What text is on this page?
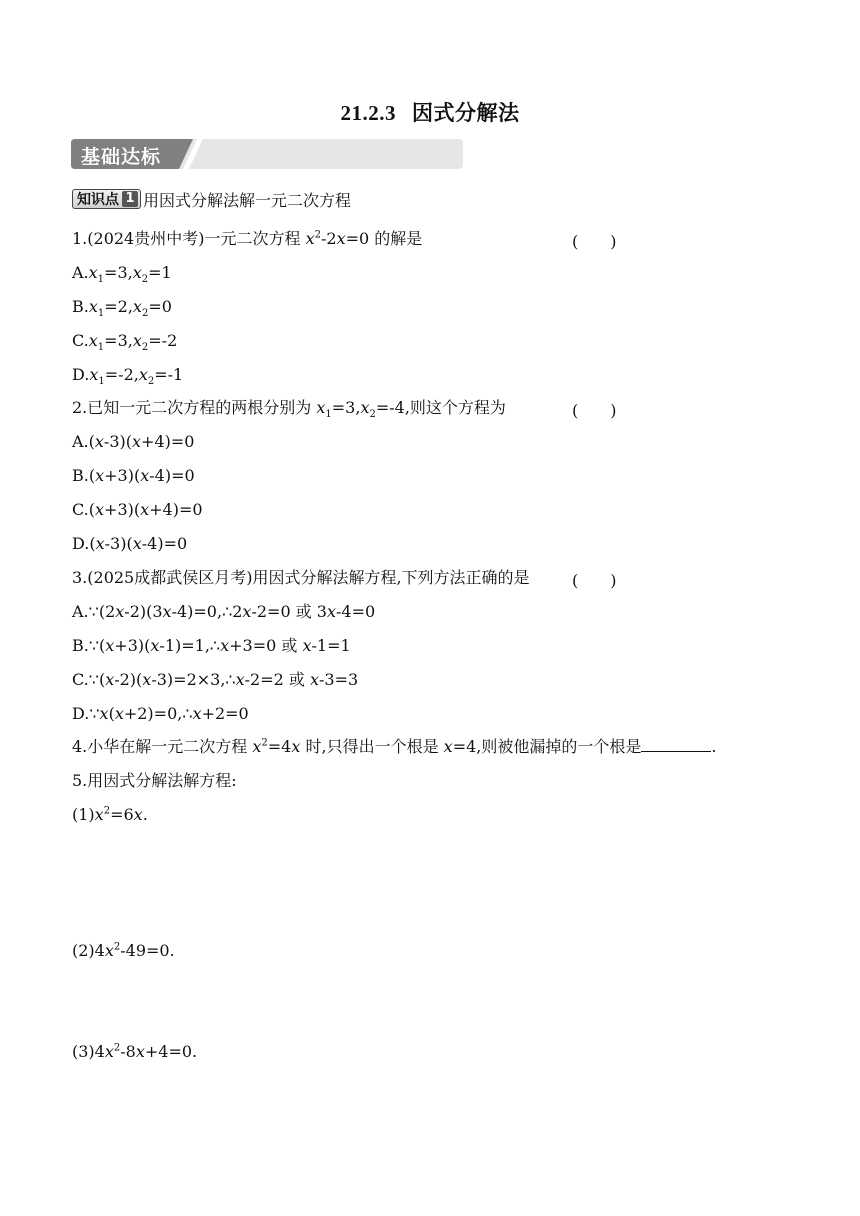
21.2.3 因式分解法
基础达标
知识点 1 用因式分解法解一元二次方程
1.(2024贵州中考)一元二次方程 $x^2-2x=0$ 的解是	(　　)
$A.x_1=3,x_2=1$
$B.x_1=2,x_2=0$
$C.x_1=3,x_2=-2$
$D.x_1=-2,x_2=-1$
2.已知一元二次方程的两根分别为 $x_1=3,x_2=-4$,则这个方程为	(　　)
A.(x-3)(x+4)=0
B.(x+3)(x-4)=0
C.(x+3)(x+4)=0
D.(x-3)(x-4)=0
3.(2025成都武侯区月考)用因式分解法解方程,下列方法正确的是	(　　)
A.∵(2x-2)(3x-4)=0,∴2x-2=0 或 3x-4=0
B.∵(x+3)(x-1)=1,∴x+3=0 或 x-1=1
C.∵(x-2)(x-3)=2×3,∴x-2=2 或 x-3=3
D.∵x(x+2)=0,∴x+2=0
4.小华在解一元二次方程 $x^2=4x$ 时,只得出一个根是 x=4,则被他漏掉的一个根是	.
5.用因式分解法解方程:
$(1)x^2=6x$.
$(2)4x^2-49=0$.
$(3)4x^2-8x+4=0$.
